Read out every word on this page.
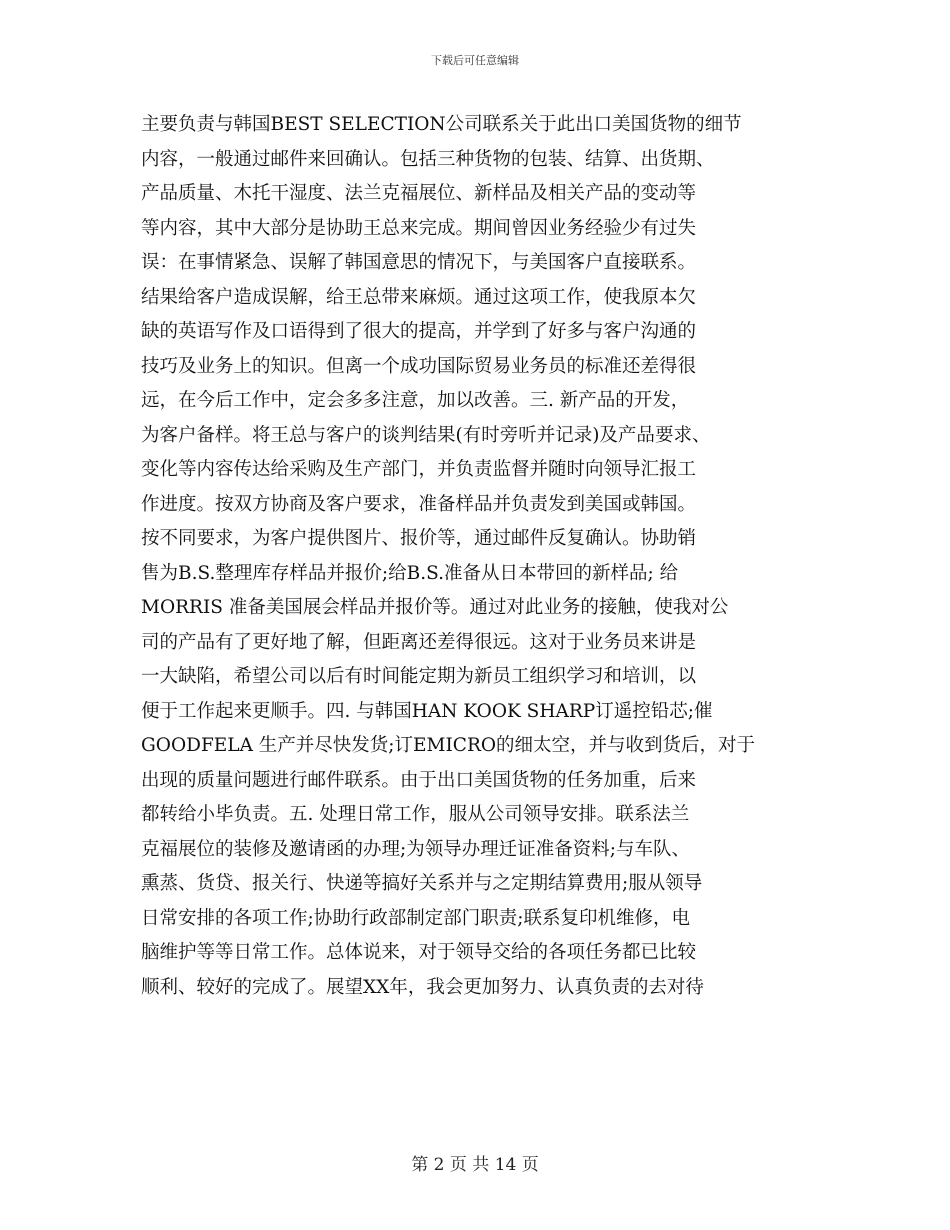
下载后可任意编辑
主要负责与韩国BEST SELECTION公司联系关于此出口美国货物的细节
内容，一般通过邮件来回确认。包括三种货物的包装、结算、出货期、
产品质量、木托干湿度、法兰克福展位、新样品及相关产品的变动等
等内容，其中大部分是协助王总来完成。期间曾因业务经验少有过失
误：在事情紧急、误解了韩国意思的情况下，与美国客户直接联系。
结果给客户造成误解，给王总带来麻烦。通过这项工作，使我原本欠
缺的英语写作及口语得到了很大的提高，并学到了好多与客户沟通的
技巧及业务上的知识。但离一个成功国际贸易业务员的标准还差得很
远，在今后工作中，定会多多注意，加以改善。三. 新产品的开发，
为客户备样。将王总与客户的谈判结果(有时旁听并记录)及产品要求、
变化等内容传达给采购及生产部门，并负责监督并随时向领导汇报工
作进度。按双方协商及客户要求，准备样品并负责发到美国或韩国。
按不同要求，为客户提供图片、报价等，通过邮件反复确认。协助销
售为B.S.整理库存样品并报价;给B.S.准备从日本带回的新样品; 给
MORRIS 准备美国展会样品并报价等。通过对此业务的接触，使我对公
司的产品有了更好地了解，但距离还差得很远。这对于业务员来讲是
一大缺陷，希望公司以后有时间能定期为新员工组织学习和培训，以
便于工作起来更顺手。四. 与韩国HAN KOOK SHARP订遥控铅芯;催
GOODFELA 生产并尽快发货;订EMICRO的细太空，并与收到货后，对于
出现的质量问题进行邮件联系。由于出口美国货物的任务加重，后来
都转给小毕负责。五. 处理日常工作，服从公司领导安排。联系法兰
克福展位的装修及邀请函的办理;为领导办理迁证准备资料;与车队、
熏蒸、货贷、报关行、快递等搞好关系并与之定期结算费用;服从领导
日常安排的各项工作;协助行政部制定部门职责;联系复印机维修，电
脑维护等等日常工作。总体说来，对于领导交给的各项任务都已比较
顺利、较好的完成了。展望XX年，我会更加努力、认真负责的去对待
第 2 页 共 14 页
